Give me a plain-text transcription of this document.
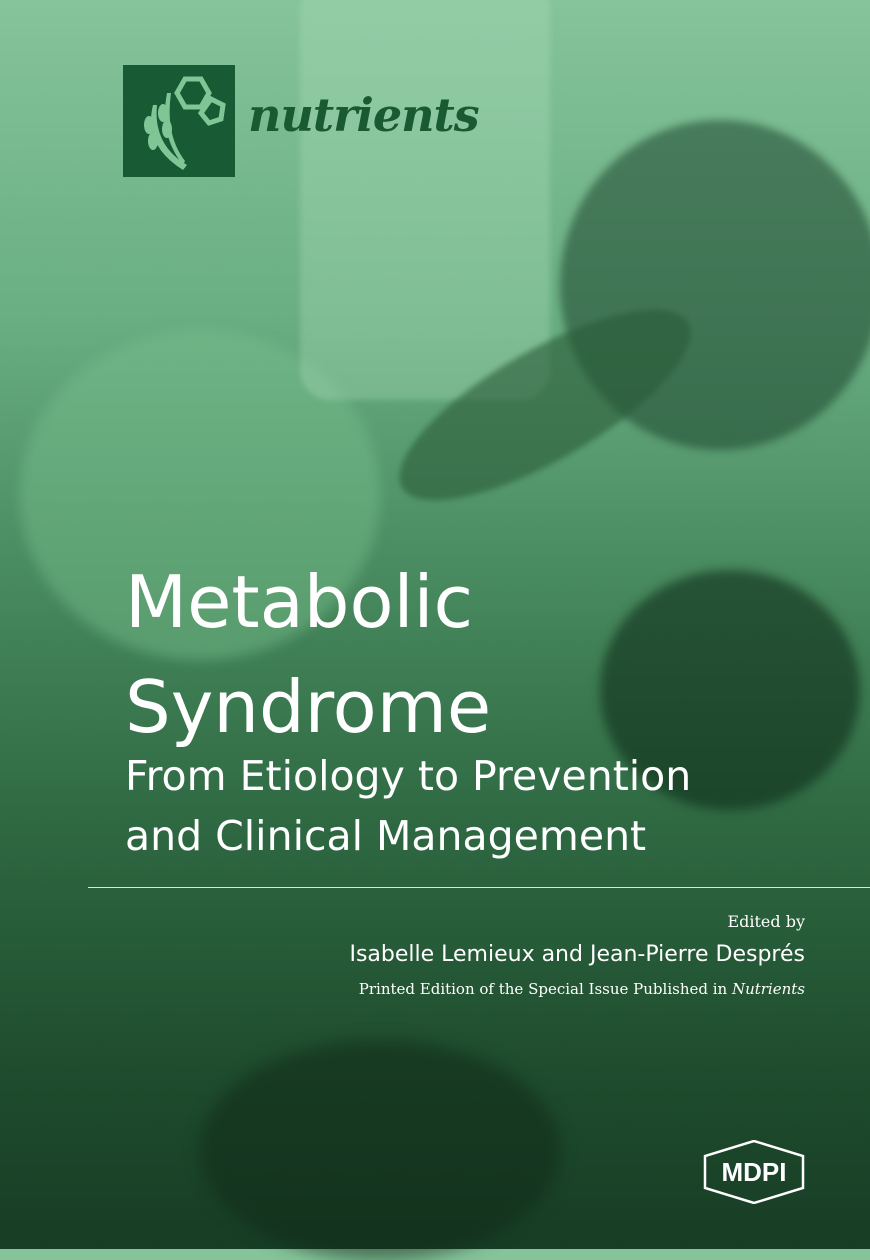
nutrients
Metabolic
Syndrome
From Etiology to Prevention
and Clinical Management
Edited by
Isabelle Lemieux and Jean-Pierre Després
Printed Edition of the Special Issue Published in Nutrients
MDPI
